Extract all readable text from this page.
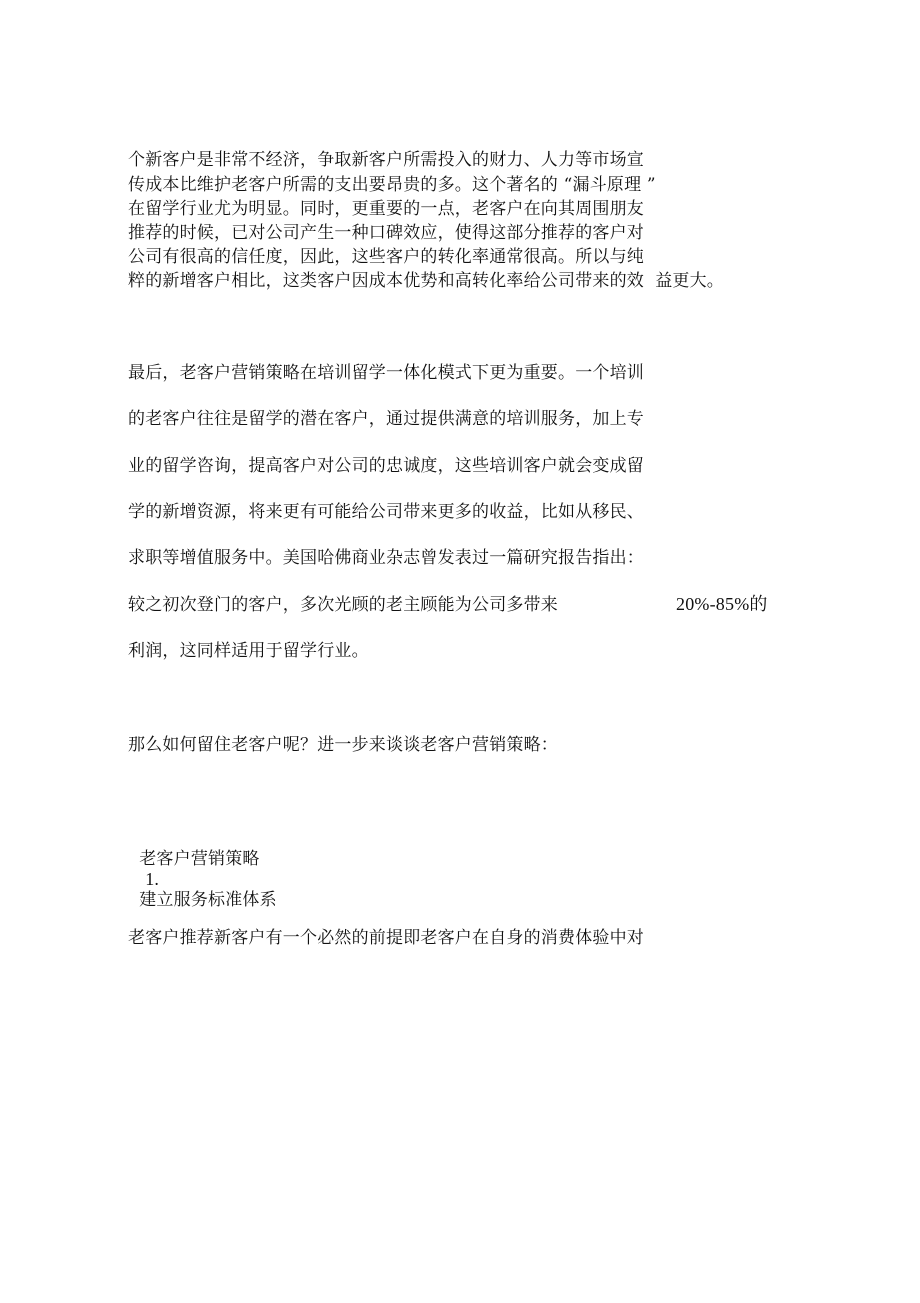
个新客户是非常不经济，争取新客户所需投入的财力、人力等市场宣
传成本比维护老客户所需的支出要昂贵的多。这个著名的 “漏斗原理 ”
在留学行业尤为明显。同时，更重要的一点，老客户在向其周围朋友
推荐的时候，已对公司产生一种口碑效应，使得这部分推荐的客户对
公司有很高的信任度，因此，这些客户的转化率通常很高。所以与纯
粹的新增客户相比，这类客户因成本优势和高转化率给公司带来的效  益更大。
最后，老客户营销策略在培训留学一体化模式下更为重要。一个培训
的老客户往往是留学的潜在客户，通过提供满意的培训服务，加上专
业的留学咨询，提高客户对公司的忠诚度，这些培训客户就会变成留
学的新增资源，将来更有可能给公司带来更多的收益，比如从移民、
求职等增值服务中。美国哈佛商业杂志曾发表过一篇研究报告指出：
较之初次登门的客户，多次光顾的老主顾能为公司多带来	20%-85%的
利润，这同样适用于留学行业。
那么如何留住老客户呢？进一步来谈谈老客户营销策略：

老客户营销策略
1.
建立服务标准体系

老客户推荐新客户有一个必然的前提即老客户在自身的消费体验中对
